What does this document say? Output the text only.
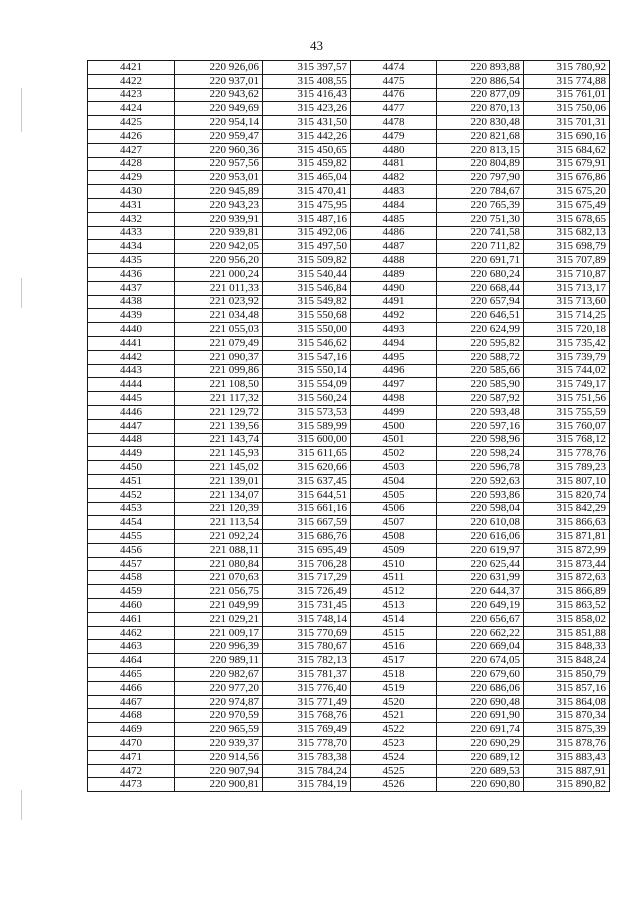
43
4421	220 926,06	315 397,57	4474	220 893,88	315 780,92
4422	220 937,01	315 408,55	4475	220 886,54	315 774,88
4423	220 943,62	315 416,43	4476	220 877,09	315 761,01
4424	220 949,69	315 423,26	4477	220 870,13	315 750,06
4425	220 954,14	315 431,50	4478	220 830,48	315 701,31
4426	220 959,47	315 442,26	4479	220 821,68	315 690,16
4427	220 960,36	315 450,65	4480	220 813,15	315 684,62
4428	220 957,56	315 459,82	4481	220 804,89	315 679,91
4429	220 953,01	315 465,04	4482	220 797,90	315 676,86
4430	220 945,89	315 470,41	4483	220 784,67	315 675,20
4431	220 943,23	315 475,95	4484	220 765,39	315 675,49
4432	220 939,91	315 487,16	4485	220 751,30	315 678,65
4433	220 939,81	315 492,06	4486	220 741,58	315 682,13
4434	220 942,05	315 497,50	4487	220 711,82	315 698,79
4435	220 956,20	315 509,82	4488	220 691,71	315 707,89
4436	221 000,24	315 540,44	4489	220 680,24	315 710,87
4437	221 011,33	315 546,84	4490	220 668,44	315 713,17
4438	221 023,92	315 549,82	4491	220 657,94	315 713,60
4439	221 034,48	315 550,68	4492	220 646,51	315 714,25
4440	221 055,03	315 550,00	4493	220 624,99	315 720,18
4441	221 079,49	315 546,62	4494	220 595,82	315 735,42
4442	221 090,37	315 547,16	4495	220 588,72	315 739,79
4443	221 099,86	315 550,14	4496	220 585,66	315 744,02
4444	221 108,50	315 554,09	4497	220 585,90	315 749,17
4445	221 117,32	315 560,24	4498	220 587,92	315 751,56
4446	221 129,72	315 573,53	4499	220 593,48	315 755,59
4447	221 139,56	315 589,99	4500	220 597,16	315 760,07
4448	221 143,74	315 600,00	4501	220 598,96	315 768,12
4449	221 145,93	315 611,65	4502	220 598,24	315 778,76
4450	221 145,02	315 620,66	4503	220 596,78	315 789,23
4451	221 139,01	315 637,45	4504	220 592,63	315 807,10
4452	221 134,07	315 644,51	4505	220 593,86	315 820,74
4453	221 120,39	315 661,16	4506	220 598,04	315 842,29
4454	221 113,54	315 667,59	4507	220 610,08	315 866,63
4455	221 092,24	315 686,76	4508	220 616,06	315 871,81
4456	221 088,11	315 695,49	4509	220 619,97	315 872,99
4457	221 080,84	315 706,28	4510	220 625,44	315 873,44
4458	221 070,63	315 717,29	4511	220 631,99	315 872,63
4459	221 056,75	315 726,49	4512	220 644,37	315 866,89
4460	221 049,99	315 731,45	4513	220 649,19	315 863,52
4461	221 029,21	315 748,14	4514	220 656,67	315 858,02
4462	221 009,17	315 770,69	4515	220 662,22	315 851,88
4463	220 996,39	315 780,67	4516	220 669,04	315 848,33
4464	220 989,11	315 782,13	4517	220 674,05	315 848,24
4465	220 982,67	315 781,37	4518	220 679,60	315 850,79
4466	220 977,20	315 776,40	4519	220 686,06	315 857,16
4467	220 974,87	315 771,49	4520	220 690,48	315 864,08
4468	220 970,59	315 768,76	4521	220 691,90	315 870,34
4469	220 965,59	315 769,49	4522	220 691,74	315 875,39
4470	220 939,37	315 778,70	4523	220 690,29	315 878,76
4471	220 914,56	315 783,38	4524	220 689,12	315 883,43
4472	220 907,94	315 784,24	4525	220 689,53	315 887,91
4473	220 900,81	315 784,19	4526	220 690,80	315 890,82
